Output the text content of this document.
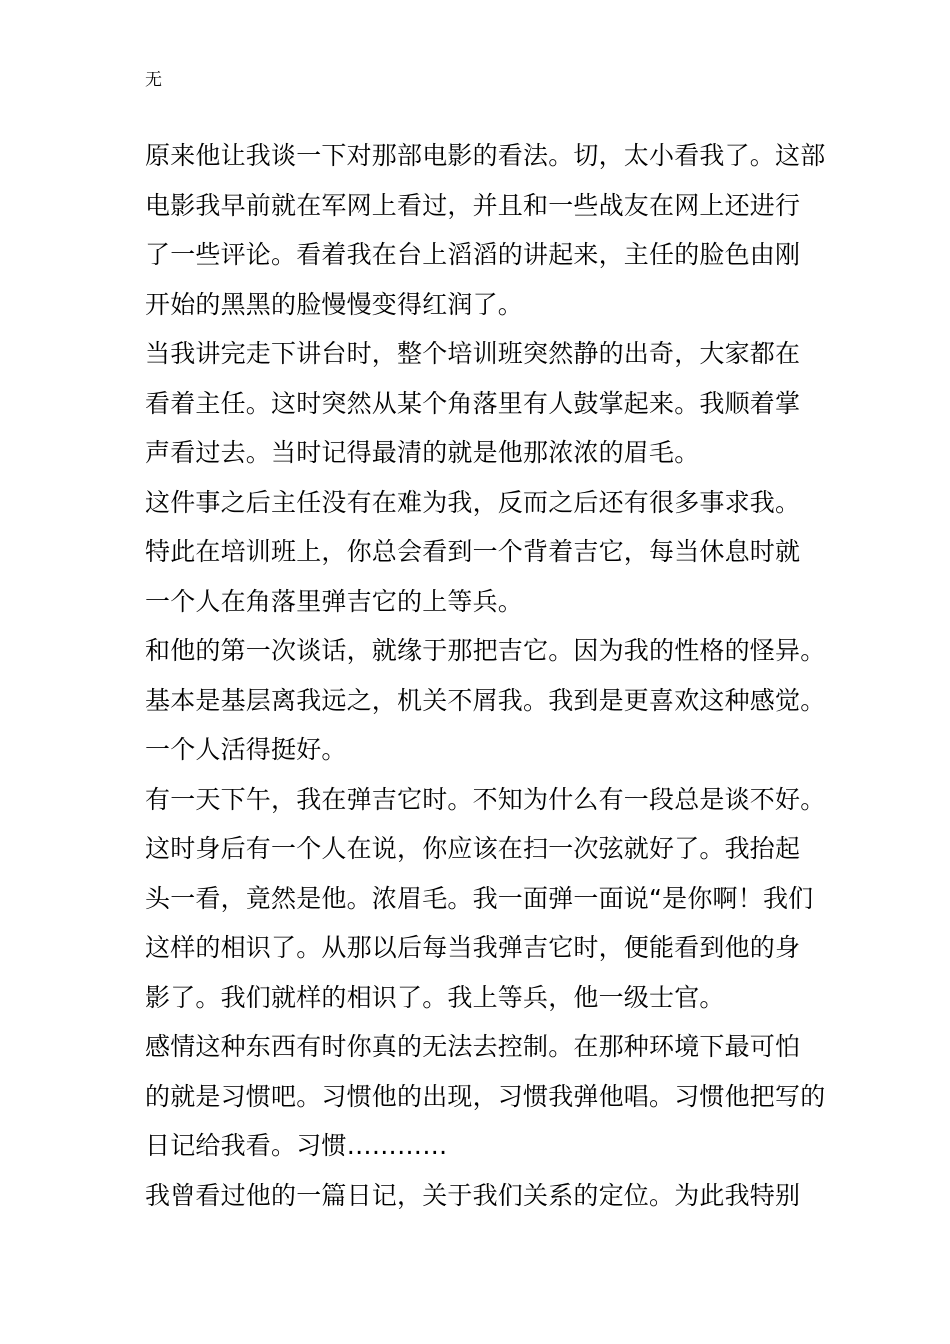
无
原来他让我谈一下对那部电影的看法。切，太小看我了。这部
电影我早前就在军网上看过，并且和一些战友在网上还进行
了一些评论。看着我在台上滔滔的讲起来，主任的脸色由刚
开始的黑黑的脸慢慢变得红润了。
当我讲完走下讲台时，整个培训班突然静的出奇，大家都在
看着主任。这时突然从某个角落里有人鼓掌起来。我顺着掌
声看过去。当时记得最清的就是他那浓浓的眉毛。
这件事之后主任没有在难为我，反而之后还有很多事求我。
特此在培训班上，你总会看到一个背着吉它，每当休息时就
一个人在角落里弹吉它的上等兵。
和他的第一次谈话，就缘于那把吉它。因为我的性格的怪异。
基本是基层离我远之，机关不屑我。我到是更喜欢这种感觉。
一个人活得挺好。
有一天下午，我在弹吉它时。不知为什么有一段总是谈不好。
这时身后有一个人在说，你应该在扫一次弦就好了。我抬起
头一看，竟然是他。浓眉毛。我一面弹一面说“是你啊！我们
这样的相识了。从那以后每当我弹吉它时，便能看到他的身
影了。我们就样的相识了。我上等兵，他一级士官。
感情这种东西有时你真的无法去控制。在那种环境下最可怕
的就是习惯吧。习惯他的出现，习惯我弹他唱。习惯他把写的
日记给我看。习惯…………
我曾看过他的一篇日记，关于我们关系的定位。为此我特别
